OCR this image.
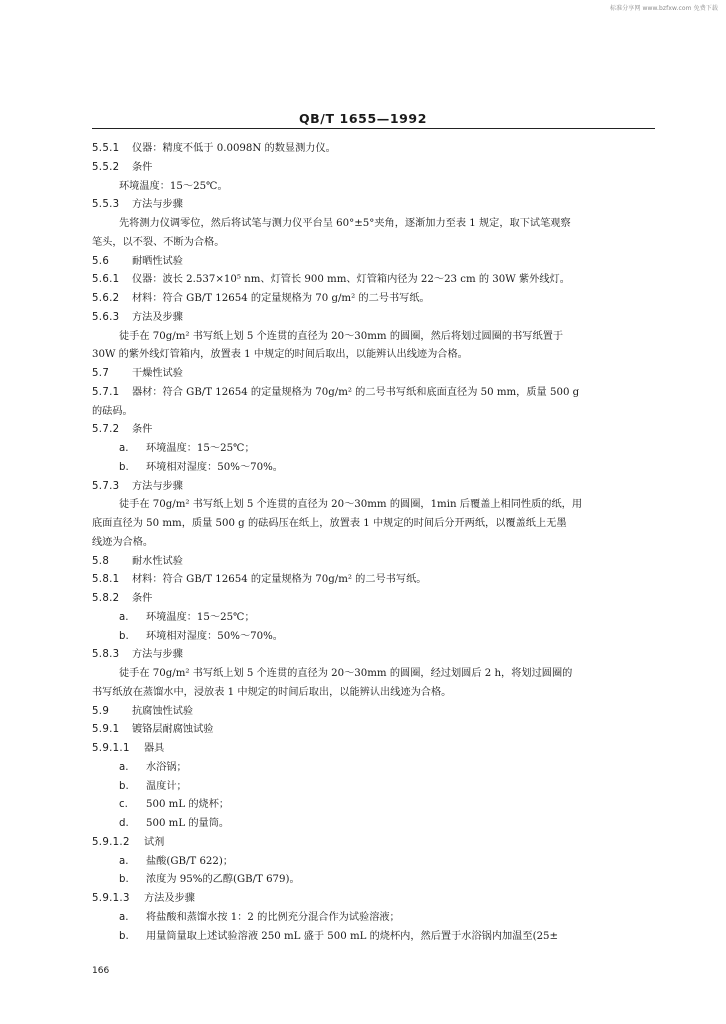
标准分享网 www.bzfxw.com 免费下载
QB/T 1655—1992
5.5.1 仪器：精度不低于 0.0098N 的数显测力仪。
5.5.2 条件
环境温度：15～25℃。
5.5.3 方法与步骤
先将测力仪调零位，然后将试笔与测力仪平台呈 60°±5°夹角，逐渐加力至表 1 规定，取下试笔观察
笔头，以不裂、不断为合格。
5.6 耐晒性试验
5.6.1 仪器：波长 2.537×10⁵ nm、灯管长 900 mm、灯管箱内径为 22～23 cm 的 30W 紫外线灯。
5.6.2 材料：符合 GB/T 12654 的定量规格为 70 g/m² 的二号书写纸。
5.6.3 方法及步骤
徒手在 70g/m² 书写纸上划 5 个连贯的直径为 20～30mm 的圆圈，然后将划过圆圈的书写纸置于
30W 的紫外线灯管箱内，放置表 1 中规定的时间后取出，以能辨认出线迹为合格。
5.7 干燥性试验
5.7.1 器材：符合 GB/T 12654 的定量规格为 70g/m² 的二号书写纸和底面直径为 50 mm，质量 500 g
的砝码。
5.7.2 条件
a. 环境温度：15～25℃；
b. 环境相对湿度：50%～70%。
5.7.3 方法与步骤
徒手在 70g/m² 书写纸上划 5 个连贯的直径为 20～30mm 的圆圈，1min 后覆盖上相同性质的纸，用
底面直径为 50 mm，质量 500 g 的砝码压在纸上，放置表 1 中规定的时间后分开两纸，以覆盖纸上无墨
线迹为合格。
5.8 耐水性试验
5.8.1 材料：符合 GB/T 12654 的定量规格为 70g/m² 的二号书写纸。
5.8.2 条件
a. 环境温度：15～25℃；
b. 环境相对湿度：50%～70%。
5.8.3 方法与步骤
徒手在 70g/m² 书写纸上划 5 个连贯的直径为 20～30mm 的圆圈，经过划圆后 2 h，将划过圆圈的
书写纸放在蒸馏水中，浸放表 1 中规定的时间后取出，以能辨认出线迹为合格。
5.9 抗腐蚀性试验
5.9.1 镀铬层耐腐蚀试验
5.9.1.1 器具
a. 水浴锅；
b. 温度计；
c. 500 mL 的烧杯；
d. 500 mL 的量筒。
5.9.1.2 试剂
a. 盐酸(GB/T 622)；
b. 浓度为 95%的乙醇(GB/T 679)。
5.9.1.3 方法及步骤
a. 将盐酸和蒸馏水按 1：2 的比例充分混合作为试验溶液；
b. 用量筒量取上述试验溶液 250 mL 盛于 500 mL 的烧杯内，然后置于水浴锅内加温至(25±
166
